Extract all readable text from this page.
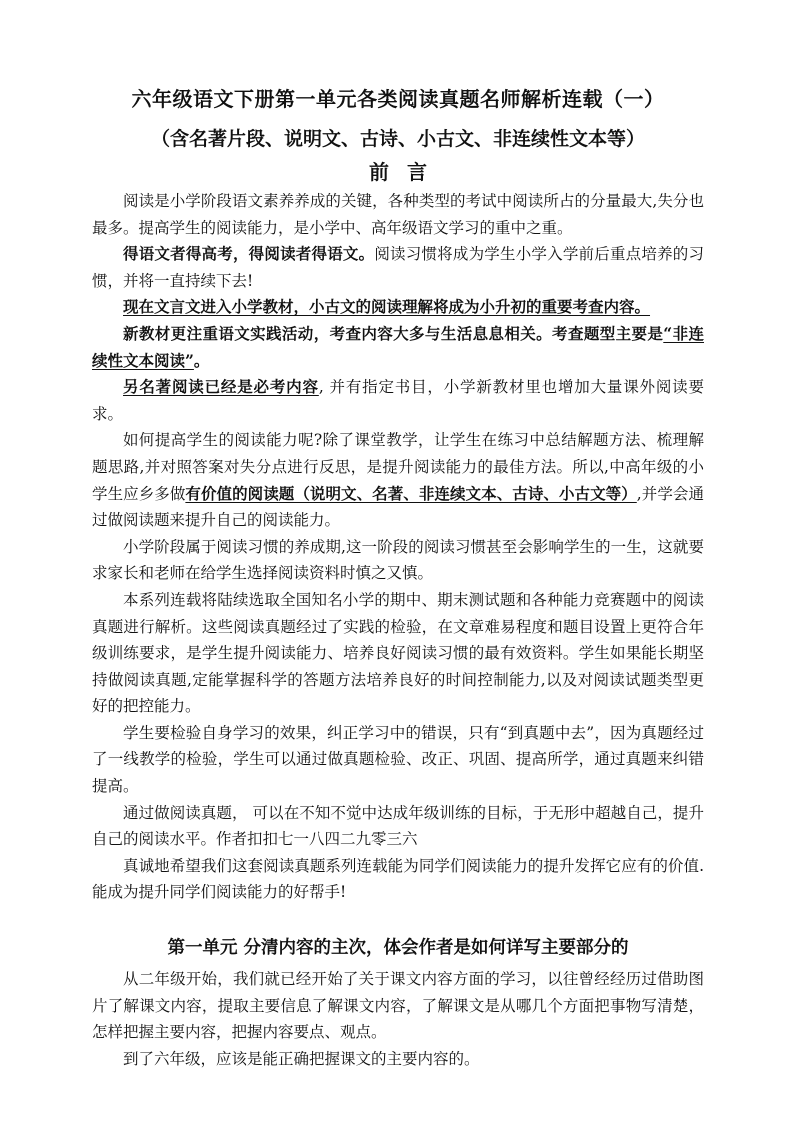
六年级语文下册第一单元各类阅读真题名师解析连载（一）
（含名著片段、说明文、古诗、小古文、非连续性文本等）
前言

阅读是小学阶段语文素养养成的关键，各种类型的考试中阅读所占的分量最大,失分也最多。提高学生的阅读能力，是小学中、高年级语文学习的重中之重。

得语文者得高考，得阅读者得语文。阅读习惯将成为学生小学入学前后重点培养的习惯，并将一直持续下去!

现在文言文进入小学教材，小古文的阅读理解将成为小升初的重要考查内容。

新教材更注重语文实践活动，考查内容大多与生活息息相关。考查题型主要是“非连续性文本阅读”。

另名著阅读已经是必考内容, 并有指定书目，小学新教材里也增加大量课外阅读要求。

如何提高学生的阅读能力呢?除了课堂教学，让学生在练习中总结解题方法、梳理解题思路,并对照答案对失分点进行反思，是提升阅读能力的最佳方法。所以,中高年级的小学生应乡多做有价值的阅读题（说明文、名著、非连续文本、古诗、小古文等）,并学会通过做阅读题来提升自己的阅读能力。

小学阶段属于阅读习惯的养成期,这一阶段的阅读习惯甚至会影响学生的一生，这就要求家长和老师在给学生选择阅读资料时慎之又慎。

本系列连载将陆续选取全国知名小学的期中、期末测试题和各种能力竞赛题中的阅读真题进行解析。这些阅读真题经过了实践的检验，在文章难易程度和题目设置上更符合年级训练要求，是学生提升阅读能力、培养良好阅读习惯的最有效资料。学生如果能长期坚持做阅读真题,定能掌握科学的答题方法培养良好的时间控制能力,以及对阅读试题类型更好的把控能力。

学生要检验自身学习的效果，纠正学习中的错误，只有“到真题中去”，因为真题经过了一线教学的检验，学生可以通过做真题检验、改正、巩固、提高所学，通过真题来纠错提高。

通过做阅读真题， 可以在不知不觉中达成年级训练的目标，于无形中超越自己，提升自己的阅读水平。作者扣扣七一八四二九零三六

真诚地希望我们这套阅读真题系列连载能为同学们阅读能力的提升发挥它应有的价值.能成为提升同学们阅读能力的好帮手!

第一单元 分清内容的主次，体会作者是如何详写主要部分的

从二年级开始，我们就已经开始了关于课文内容方面的学习，以往曾经经历过借助图片了解课文内容，提取主要信息了解课文内容，了解课文是从哪几个方面把事物写清楚，怎样把握主要内容，把握内容要点、观点。

到了六年级，应该是能正确把握课文的主要内容的。
